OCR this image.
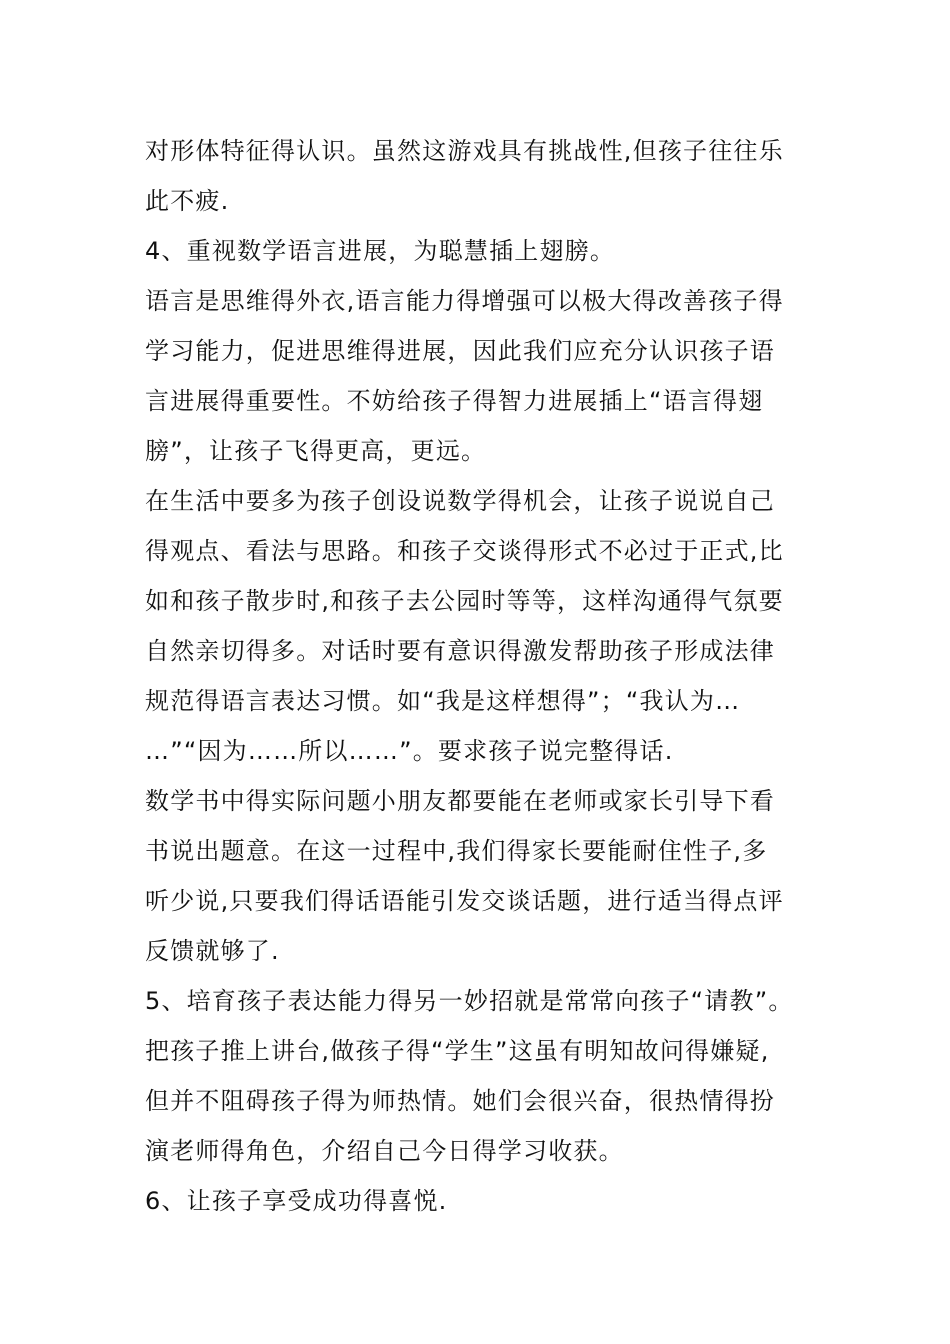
对形体特征得认识。虽然这游戏具有挑战性,但孩子往往乐
此不疲.
4、重视数学语言进展，为聪慧插上翅膀。
语言是思维得外衣,语言能力得增强可以极大得改善孩子得
学习能力，促进思维得进展，因此我们应充分认识孩子语
言进展得重要性。不妨给孩子得智力进展插上“语言得翅
膀”，让孩子飞得更高，更远。
在生活中要多为孩子创设说数学得机会，让孩子说说自己
得观点、看法与思路。和孩子交谈得形式不必过于正式,比
如和孩子散步时,和孩子去公园时等等，这样沟通得气氛要
自然亲切得多。对话时要有意识得激发帮助孩子形成法律
规范得语言表达习惯。如“我是这样想得”；“我认为…
…”“因为……所以……”。要求孩子说完整得话.
数学书中得实际问题小朋友都要能在老师或家长引导下看
书说出题意。在这一过程中,我们得家长要能耐住性子,多
听少说,只要我们得话语能引发交谈话题，进行适当得点评
反馈就够了.
5、培育孩子表达能力得另一妙招就是常常向孩子“请教”。
把孩子推上讲台,做孩子得“学生”这虽有明知故问得嫌疑,
但并不阻碍孩子得为师热情。她们会很兴奋，很热情得扮
演老师得角色，介绍自己今日得学习收获。
6、让孩子享受成功得喜悦.
